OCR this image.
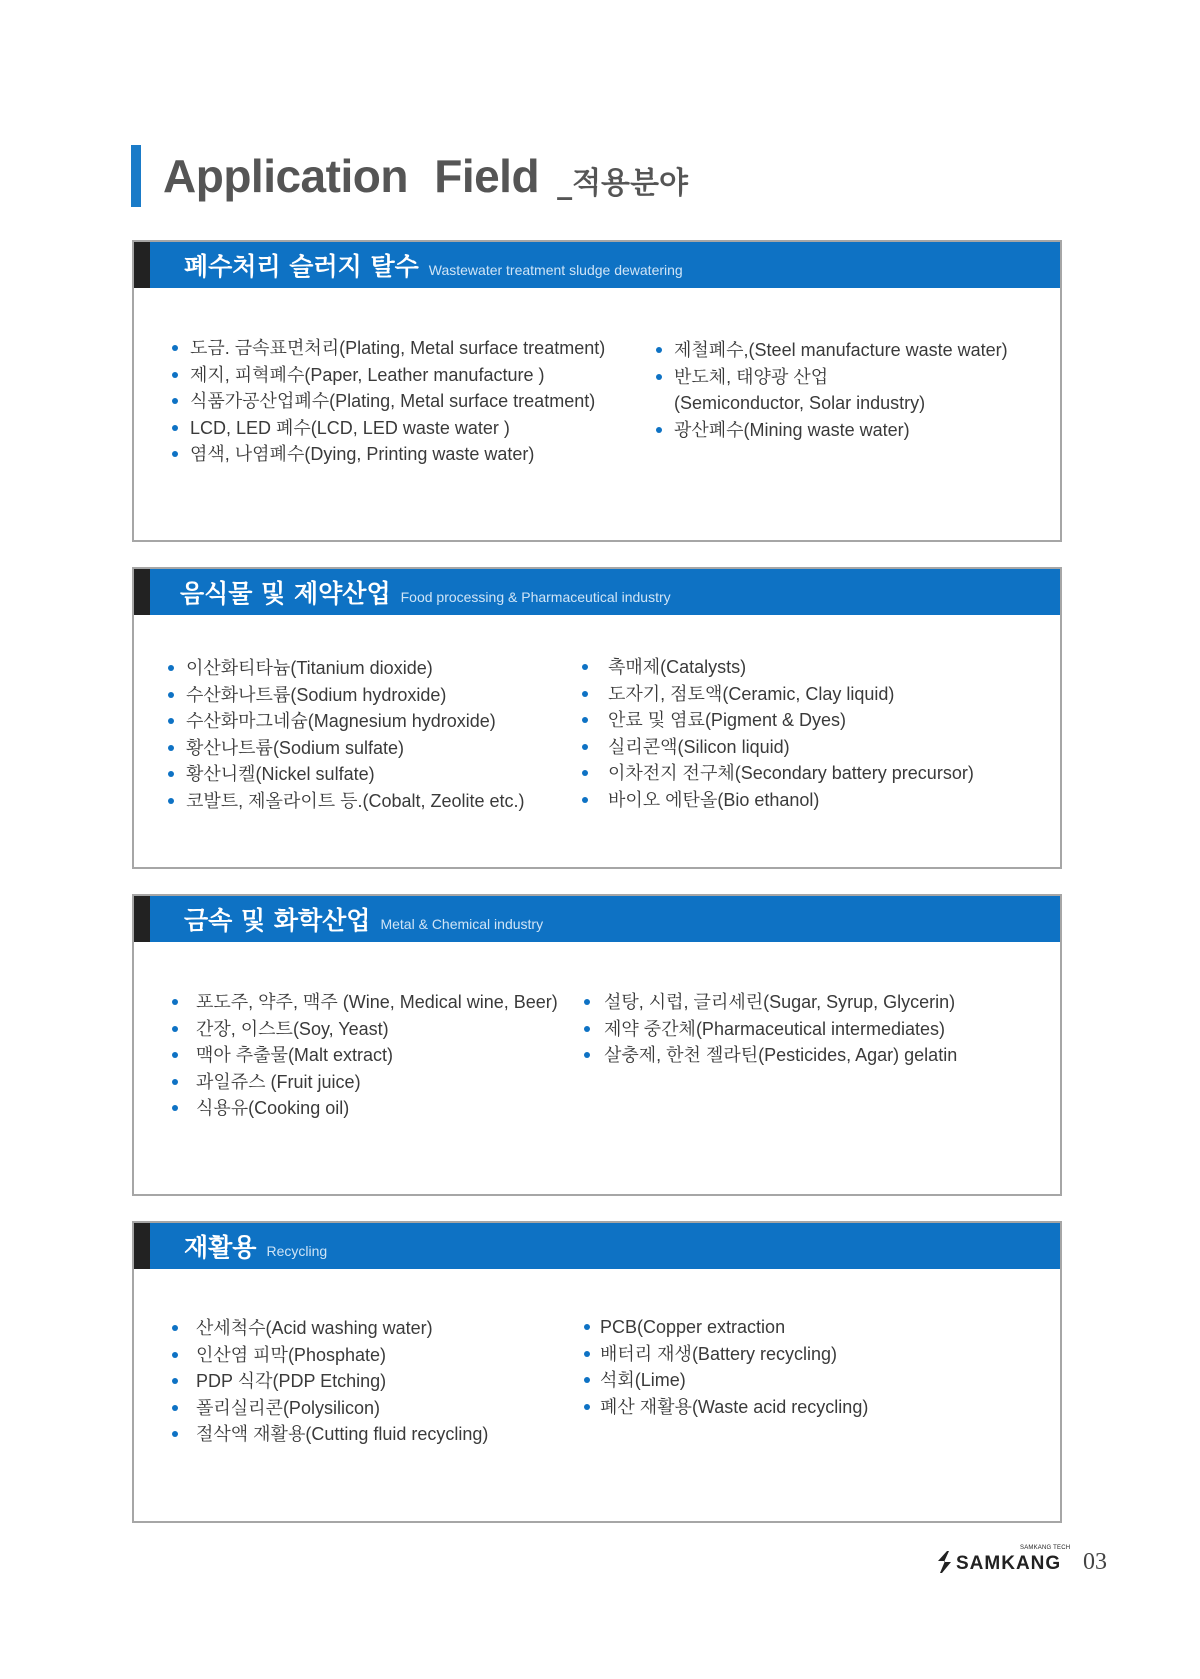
Application Field _적용분야
폐수처리 슬러지 탈수 Wastewater treatment sludge dewatering
도금. 금속표면처리(Plating, Metal surface treatment)
제지, 피혁폐수(Paper, Leather manufacture )
식품가공산업폐수(Plating, Metal surface treatment)
LCD, LED 폐수(LCD, LED waste water )
염색, 나염폐수(Dying, Printing waste water)
제철폐수,(Steel manufacture waste water)
반도체, 태양광 산업
(Semiconductor, Solar industry)
광산폐수(Mining waste water)
음식물 및 제약산업 Food processing & Pharmaceutical industry
이산화티타늄(Titanium dioxide)
수산화나트륨(Sodium hydroxide)
수산화마그네슘(Magnesium hydroxide)
황산나트륨(Sodium sulfate)
황산니켈(Nickel sulfate)
코발트, 제올라이트 등.(Cobalt, Zeolite etc.)
촉매제(Catalysts)
도자기, 점토액(Ceramic, Clay liquid)
안료 및 염료(Pigment & Dyes)
실리콘액(Silicon liquid)
이차전지 전구체(Secondary battery precursor)
바이오 에탄올(Bio ethanol)
금속 및 화학산업 Metal & Chemical industry
포도주, 약주, 맥주 (Wine, Medical wine, Beer)
간장, 이스트(Soy, Yeast)
맥아 추출물(Malt extract)
과일쥬스 (Fruit juice)
식용유(Cooking oil)
설탕, 시럽, 글리세린(Sugar, Syrup, Glycerin)
제약 중간체(Pharmaceutical intermediates)
살충제, 한천 젤라틴(Pesticides, Agar) gelatin
재활용 Recycling
산세척수(Acid washing water)
인산염 피막(Phosphate)
PDP 식각(PDP Etching)
폴리실리콘(Polysilicon)
절삭액 재활용(Cutting fluid recycling)
PCB(Copper extraction
배터리 재생(Battery recycling)
석회(Lime)
폐산 재활용(Waste acid recycling)
SAMKANG TECH
SAMKANG 03
